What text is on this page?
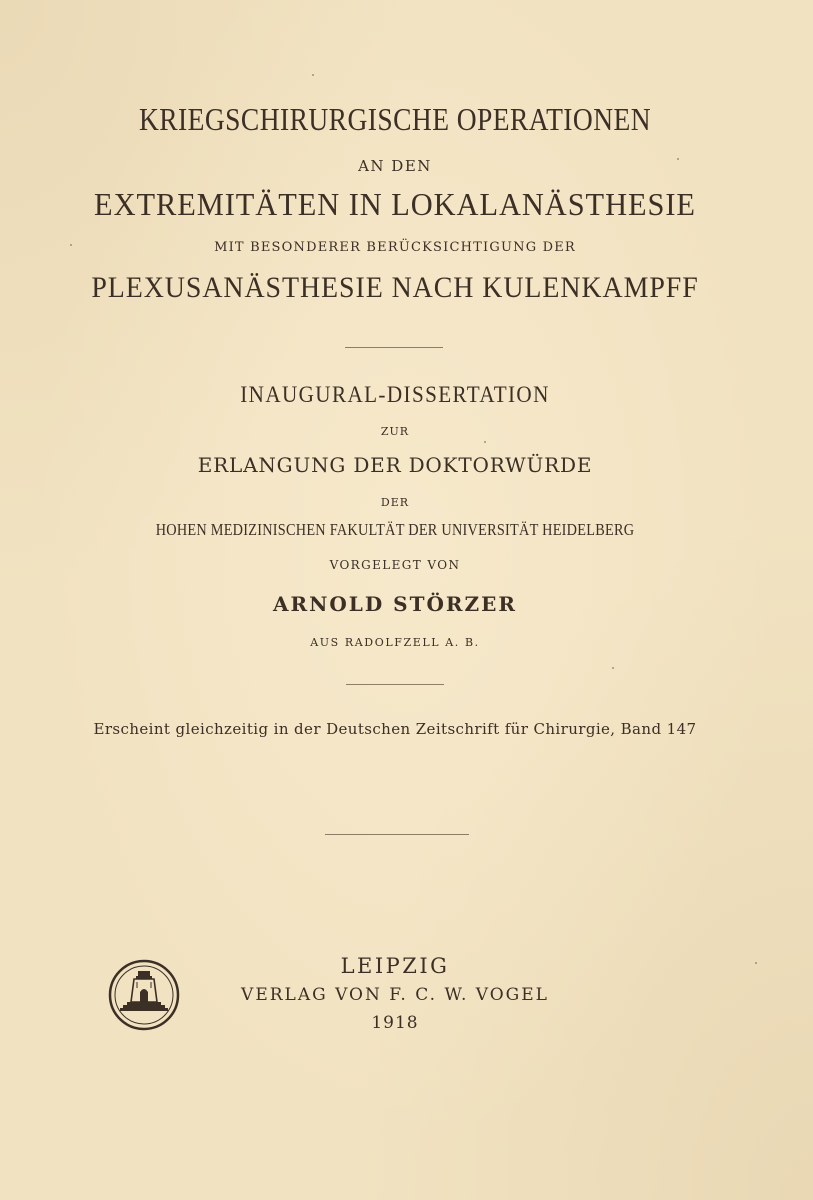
KRIEGSCHIRURGISCHE OPERATIONEN
AN DEN
EXTREMITÄTEN IN LOKALANÄSTHESIE
MIT BESONDERER BERÜCKSICHTIGUNG DER
PLEXUSANÄSTHESIE NACH KULENKAMPFF
INAUGURAL-DISSERTATION
ZUR
ERLANGUNG DER DOKTORWÜRDE
DER
HOHEN MEDIZINISCHEN FAKULTÄT DER UNIVERSITÄT HEIDELBERG
VORGELEGT VON
ARNOLD STÖRZER
AUS RADOLFZELL A. B.
Erscheint gleichzeitig in der Deutschen Zeitschrift für Chirurgie, Band 147
LEIPZIG
VERLAG VON F. C. W. VOGEL
1918
